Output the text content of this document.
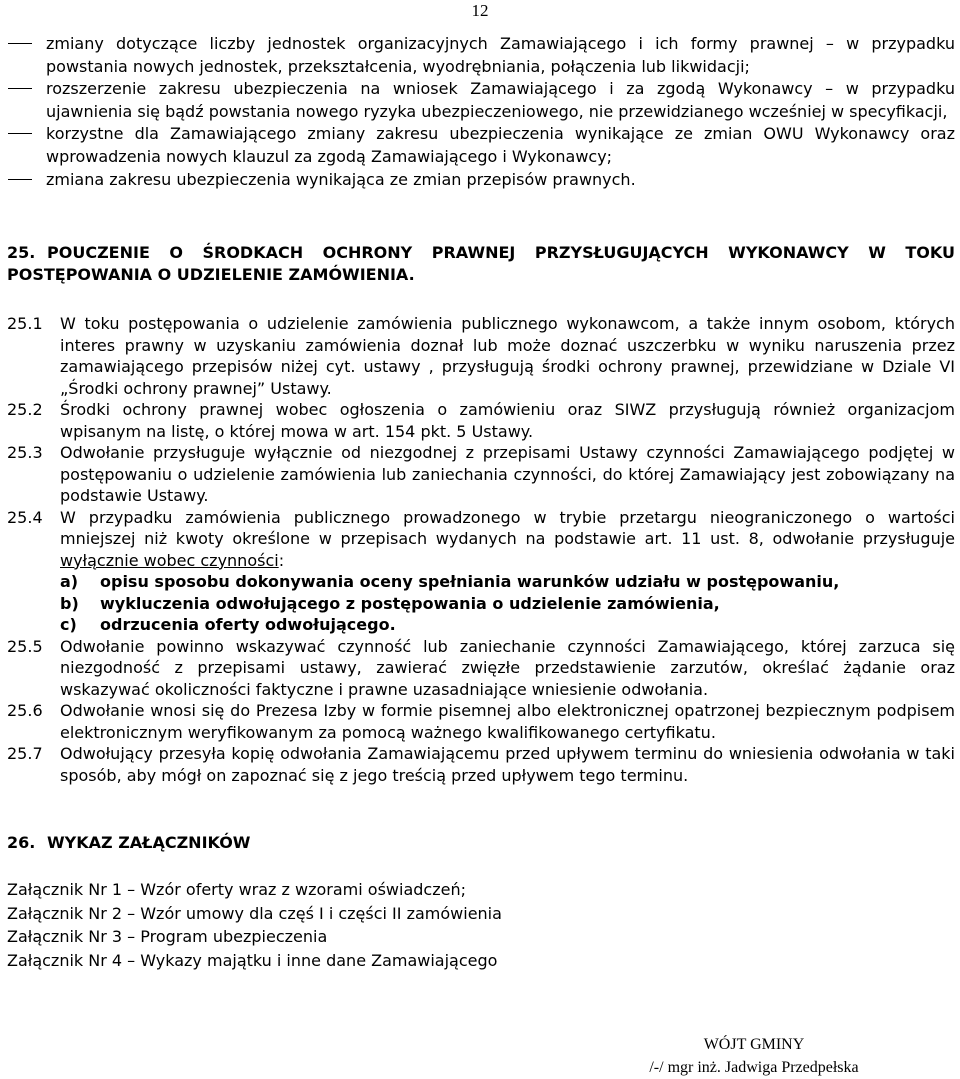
12
zmiany dotyczące liczby jednostek organizacyjnych Zamawiającego i ich formy prawnej – w przypadku powstania nowych jednostek, przekształcenia, wyodrębniania, połączenia lub likwidacji;
rozszerzenie zakresu ubezpieczenia na wniosek Zamawiającego i za zgodą Wykonawcy – w przypadku ujawnienia się bądź powstania nowego ryzyka ubezpieczeniowego, nie przewidzianego wcześniej w specyfikacji,
korzystne dla Zamawiającego zmiany zakresu ubezpieczenia wynikające ze zmian OWU Wykonawcy oraz wprowadzenia nowych klauzul za zgodą Zamawiającego i Wykonawcy;
zmiana zakresu ubezpieczenia wynikająca ze zmian przepisów prawnych.
25. POUCZENIE O ŚRODKACH OCHRONY PRAWNEJ PRZYSŁUGUJĄCYCH WYKONAWCY W TOKU POSTĘPOWANIA O UDZIELENIE ZAMÓWIENIA.
25.1 W toku postępowania o udzielenie zamówienia publicznego wykonawcom, a także innym osobom, których interes prawny w uzyskaniu zamówienia doznał lub może doznać uszczerbku w wyniku naruszenia przez zamawiającego przepisów niżej cyt. ustawy , przysługują środki ochrony prawnej, przewidziane w Dziale VI „Środki ochrony prawnej” Ustawy.
25.2 Środki ochrony prawnej wobec ogłoszenia o zamówieniu oraz SIWZ przysługują również organizacjom wpisanym na listę, o której mowa w art. 154 pkt. 5 Ustawy.
25.3 Odwołanie przysługuje wyłącznie od niezgodnej z przepisami Ustawy czynności Zamawiającego podjętej w postępowaniu o udzielenie zamówienia lub zaniechania czynności, do której Zamawiający jest zobowiązany na podstawie Ustawy.
25.4 W przypadku zamówienia publicznego prowadzonego w trybie przetargu nieograniczonego o wartości mniejszej niż kwoty określone w przepisach wydanych na podstawie art. 11 ust. 8, odwołanie przysługuje wyłącznie wobec czynności:
a) opisu sposobu dokonywania oceny spełniania warunków udziału w postępowaniu,
b) wykluczenia odwołującego z postępowania o udzielenie zamówienia,
c) odrzucenia oferty odwołującego.
25.5 Odwołanie powinno wskazywać czynność lub zaniechanie czynności Zamawiającego, której zarzuca się niezgodność z przepisami ustawy, zawierać zwięzłe przedstawienie zarzutów, określać żądanie oraz wskazywać okoliczności faktyczne i prawne uzasadniające wniesienie odwołania.
25.6 Odwołanie wnosi się do Prezesa Izby w formie pisemnej albo elektronicznej opatrzonej bezpiecznym podpisem elektronicznym weryfikowanym za pomocą ważnego kwalifikowanego certyfikatu.
25.7 Odwołujący przesyła kopię odwołania Zamawiającemu przed upływem terminu do wniesienia odwołania w taki sposób, aby mógł on zapoznać się z jego treścią przed upływem tego terminu.
26. WYKAZ ZAŁĄCZNIKÓW
Załącznik Nr 1 – Wzór oferty wraz z wzorami oświadczeń;
Załącznik Nr 2 – Wzór umowy dla częś I i części II zamówienia
Załącznik Nr 3 – Program ubezpieczenia
Załącznik Nr 4 – Wykazy majątku i inne dane Zamawiającego
WÓJT GMINY
/-/ mgr inż. Jadwiga Przedpełska
